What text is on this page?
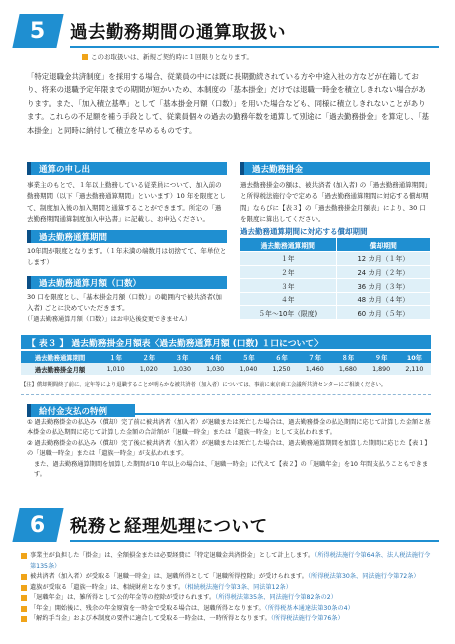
5 過去勤務期間の通算取扱い
このお取扱いは、新規ご契約時に１回限りとなります。
「特定退職金共済制度」を採用する場合、従業員の中には既に長期勤続されている方や中途入社の方などが在籍しており、将来の退職予定年限までの期間が短かいため、本制度の「基本掛金」だけでは退職一時金を積立しきれない場合があります。また、「加入積立基準」として「基本掛金月額（口数）」を用いた場合なども、同様に積立しきれないことがあります。これらの不足額を補う手段として、従業員個々の過去の勤務年数を通算して別途に「過去勤務掛金」を算定し、「基本掛金」と同時に納付して積立を早めるものです。
通算の申し出
事業主のもとで、１年以上勤務している従業員について、加入前の勤務期間（以下「過去勤務通算期間」といいます）10 年を限度として、制度加入後の加入期間と通算することができます。所定の「過去勤務期間通算制度加入申込書」に記載し、お申込ください。
過去勤務通算期間
10年間が限度となります。（１年未満の端数月は切捨てて、年単位とします）
過去勤務通算月額（口数）
30 口を限度とし、「基本掛金月額（口数）」の範囲内で被共済者(加入者) ごとに決めていただきます。
（「過去勤務通算月額（口数）」はお申込後変更できません）
過去勤務掛金
過去勤務掛金の額は、被共済者 (加入者) の「過去勤務通算期間」と所得税法施行令で定める「過去勤務通算期間に対応する償却期間」ならびに【表３】の「過去勤務掛金月額表」により、30 口を限度に算出してください。
過去勤務通算期間に対応する償却期間
過去勤務通算期間	償却期間
１年	12 カ月（１年）
２年	24 カ月（２年）
３年	36 カ月（３年）
４年	48 カ月（４年）
５年～10年（限度)	60 カ月（５年）
【 表３ 】 過去勤務掛金月額表〈過去勤務通算月額 (口数) １口について〉
過去勤務通算期間	１年	２年	３年	４年	５年	６年	７年	８年	９年	10年
過去勤務掛金月額	1,010	1,020	1,030	1,030	1,040	1,250	1,460	1,680	1,890	2,110
【注】償却期間終了前に、定年等により退職することが明らかな被共済者（加入者）については、事前に東京商工会議所共済センターにご相談ください。
給付金支払の特例
① 過去勤務掛金の払込み（償却）完了前に被共済者（加入者）が退職または死亡した場合は、過去勤務掛金の払込期間に応じて計算した金額と基本掛金の払込期間に応じて計算した金額の合計額が「退職一時金」または「遺族一時金」として支払われます。
② 過去勤務掛金の払込み（償却）完了後に被共済者（加入者）が退職または死亡した場合は、過去勤務通算期間を加算した期間に応じた【表１】の「退職一時金」または「遺族一時金」が支払われます。
また、過去勤務通算期間を加算した期間が10 年以上の場合は、「退職一時金」に代えて【表２】の「退職年金」を10 年間支払うこともできます。
6 税務と経理処理について
事業主が負担した「掛金」は、全額損金または必要経費に「特定退職金共済掛金」として計上します。（所得税法施行令第64条、法人税法施行令第135条）
被共済者（加入者）が受取る「退職一時金」は、退職所得として「退職所得控除」が受けられます。（所得税法第30条、同法施行令第72条）
遺族が受取る「遺族一時金」は、相続財産となります。（相続税法施行令第3条、同法第12条）
「退職年金」は、雑所得として公的年金等の控除が受けられます。（所得税法第35条、同法施行令第82条の2）
「年金」開始後に、残余の年金原資を一時金で受取る場合は、退職所得となります。（所得税基本通達法第30条の4）
「解約手当金」および本制度の要件に適合して受取る一時金は、一時所得となります。（所得税法施行令第76条）
